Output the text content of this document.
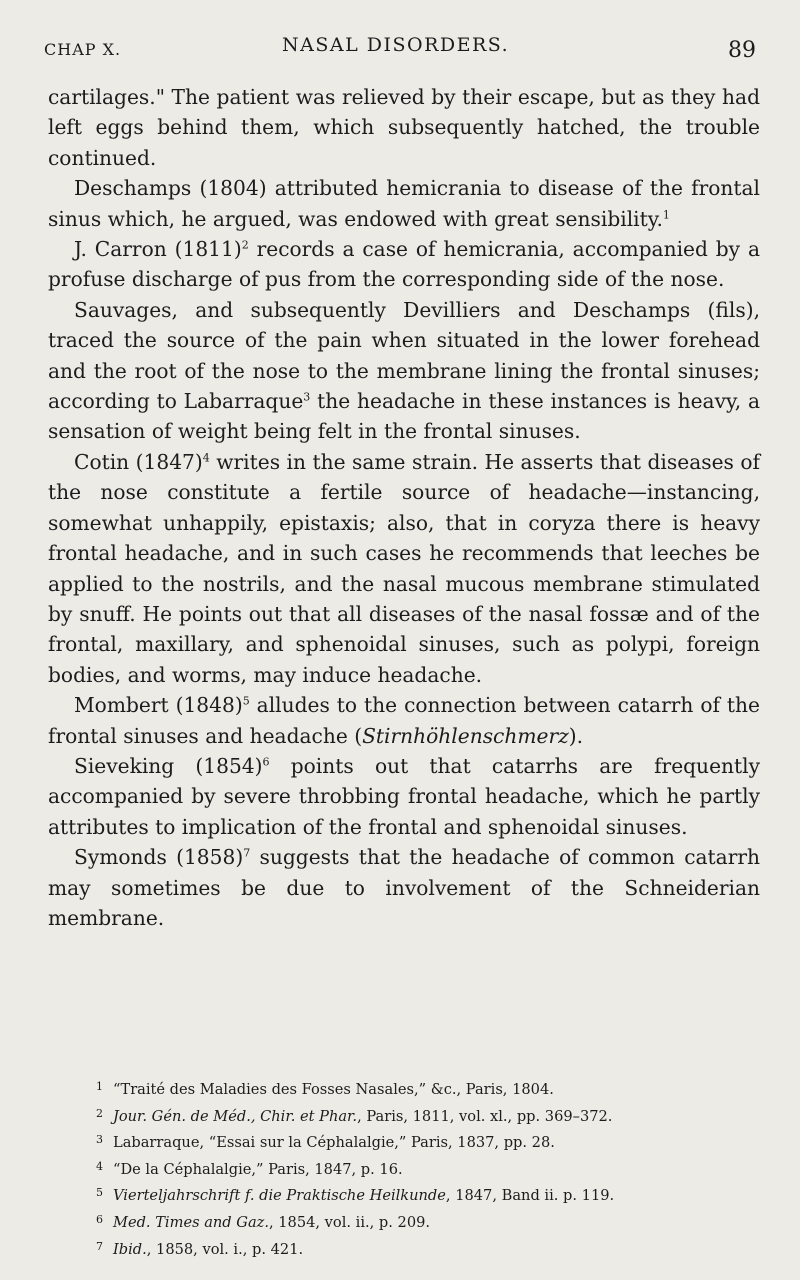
CHAP X.	NASAL DISORDERS.	89

cartilages." The patient was relieved by their escape, but as they had left eggs behind them, which subsequently hatched, the trouble continued.

Deschamps (1804) attributed hemicrania to disease of the frontal sinus which, he argued, was endowed with great sensibility.$^1$

J. Carron $(1811)^2$ records a case of hemicrania, accompanied by a profuse discharge of pus from the corresponding side of the nose.

Sauvages, and subsequently Devilliers and Deschamps (fils), traced the source of the pain when situated in the lower forehead and the root of the nose to the membrane lining the frontal sinuses; according to Labarraque$^3$ the headache in these instances is heavy, a sensation of weight being felt in the frontal sinuses.

Cotin $(1847)^4$ writes in the same strain. He asserts that diseases of the nose constitute a fertile source of headache—instancing, somewhat unhappily, epistaxis; also, that in coryza there is heavy frontal headache, and in such cases he recommends that leeches be applied to the nostrils, and the nasal mucous membrane stimulated by snuff. He points out that all diseases of the nasal fossæ and of the frontal, maxillary, and sphenoidal sinuses, such as polypi, foreign bodies, and worms, may induce headache.

Mombert $(1848)^5$ alludes to the connection between catarrh of the frontal sinuses and headache (Stirnhöhlenschmerz).

Sieveking $(1854)^6$ points out that catarrhs are frequently accompanied by severe throbbing frontal headache, which he partly attributes to implication of the frontal and sphenoidal sinuses.

Symonds $(1858)^7$ suggests that the headache of common catarrh may sometimes be due to involvement of the Schneiderian membrane.

1 “Traité des Maladies des Fosses Nasales,” &c., Paris, 1804.
2 Jour. Gén. de Méd., Chir. et Phar., Paris, 1811, vol. xl., pp. 369–372.
3 Labarraque, “Essai sur la Céphalalgie,” Paris, 1837, pp. 28.
4 “De la Céphalalgie,” Paris, 1847, p. 16.
5 Vierteljahrschrift f. die Praktische Heilkunde, 1847, Band ii. p. 119.
6 Med. Times and Gaz., 1854, vol. ii., p. 209.
7 Ibid., 1858, vol. i., p. 421.
